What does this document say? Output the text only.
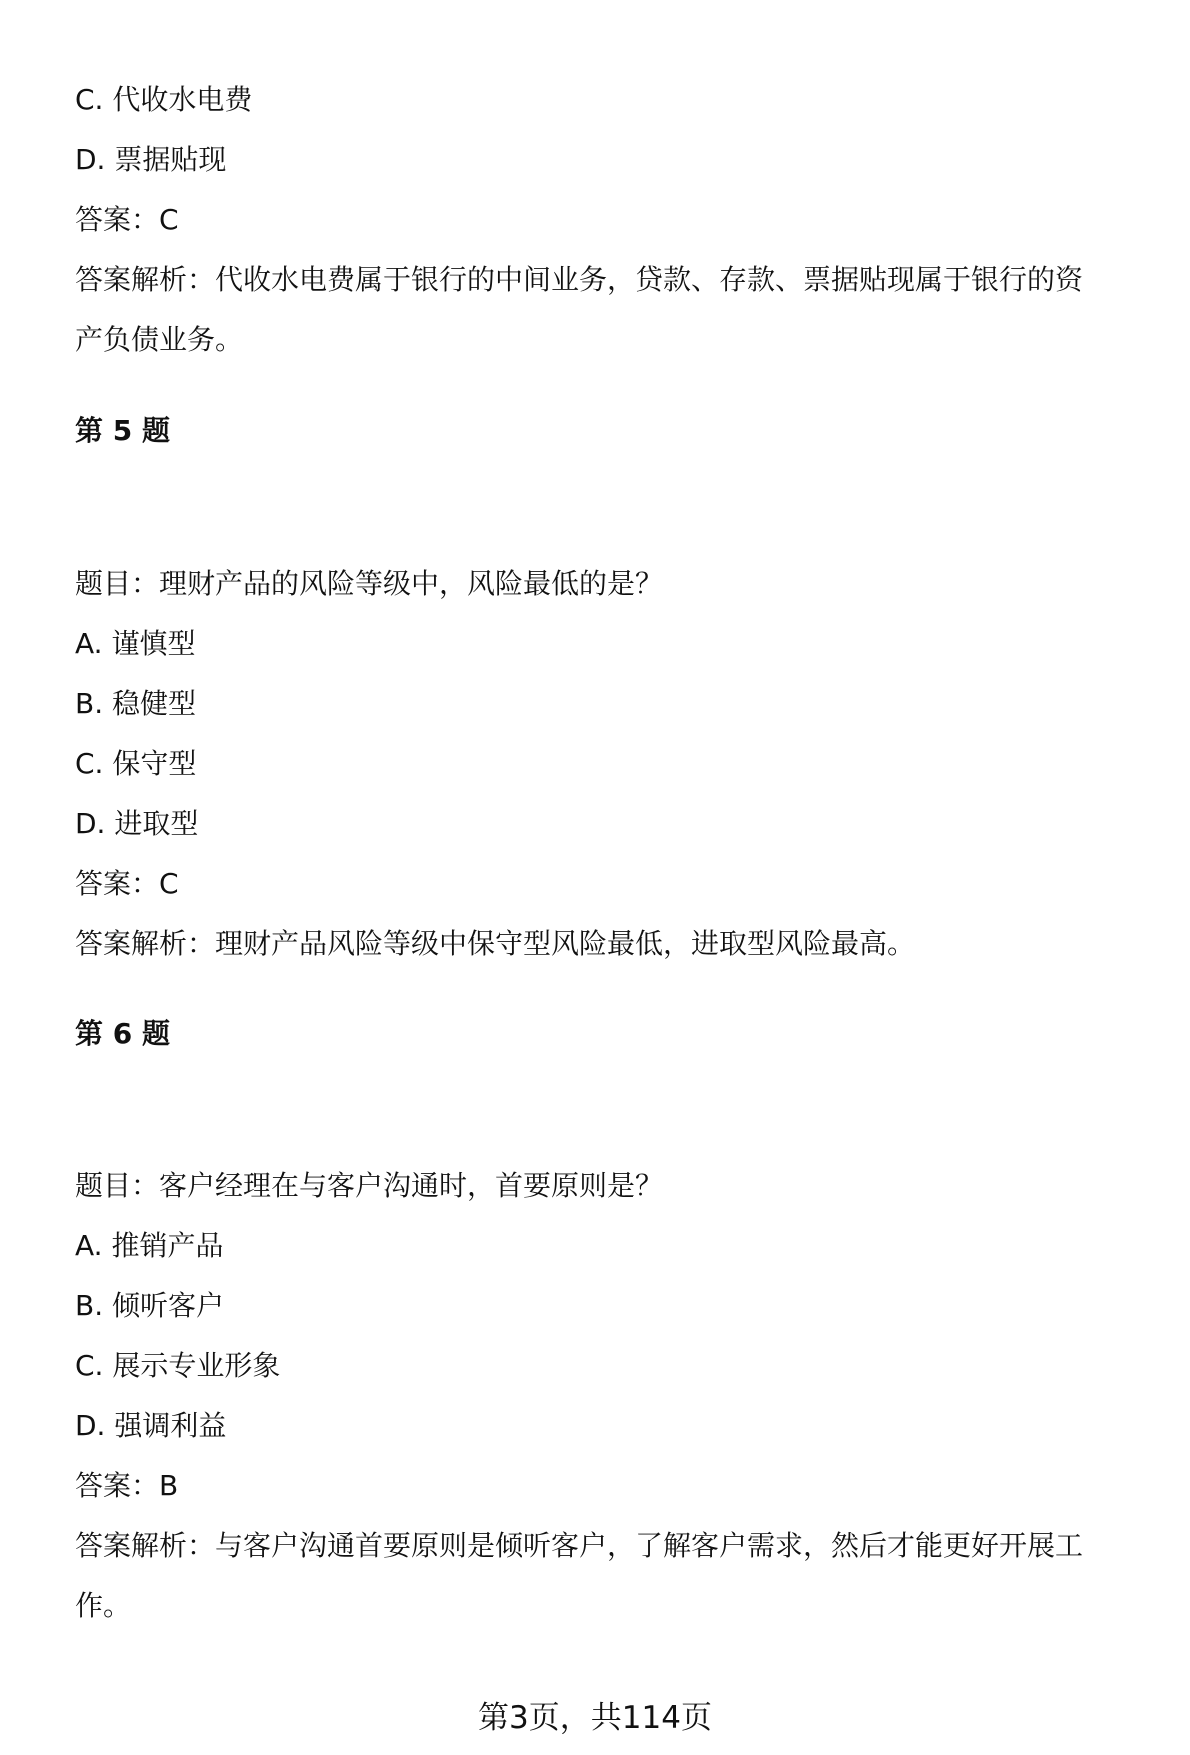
C. 代收水电费
D. 票据贴现
答案：C
答案解析：代收水电费属于银行的中间业务，贷款、存款、票据贴现属于银行的资
产负债业务。
第 5 题
题目：理财产品的风险等级中，风险最低的是？
A. 谨慎型
B. 稳健型
C. 保守型
D. 进取型
答案：C
答案解析：理财产品风险等级中保守型风险最低，进取型风险最高。
第 6 题
题目：客户经理在与客户沟通时，首要原则是？
A. 推销产品
B. 倾听客户
C. 展示专业形象
D. 强调利益
答案：B
答案解析：与客户沟通首要原则是倾听客户，了解客户需求，然后才能更好开展工
作。
第3页，共114页
